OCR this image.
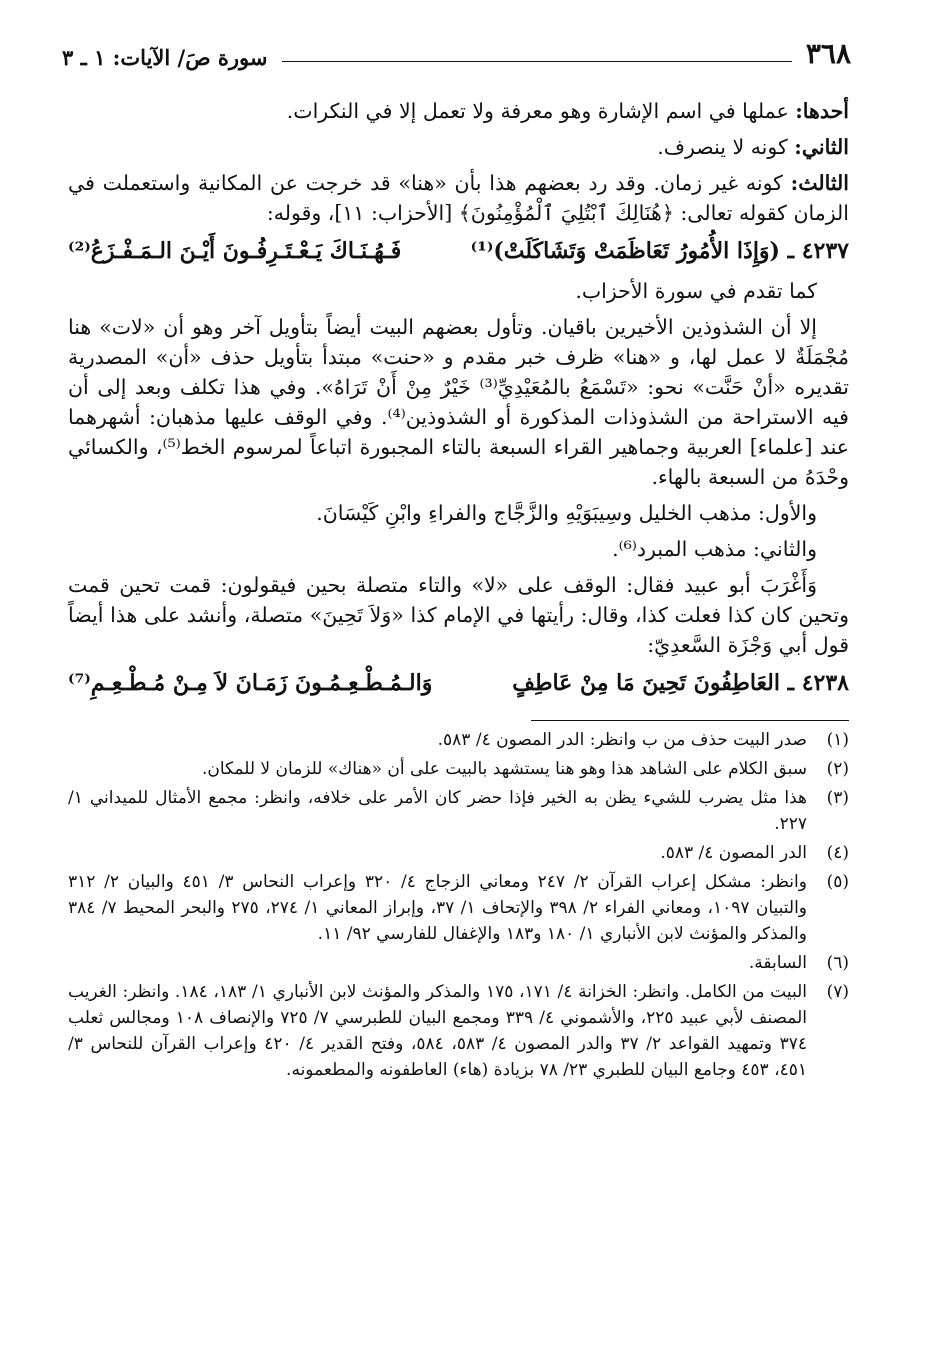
٣٦٨
سورة صَ/ الآيات: ١ ـ ٣

أحدها: عملها في اسم الإشارة وهو معرفة ولا تعمل إلا في النكرات.

الثاني: كونه لا ينصرف.

الثالث: كونه غير زمان. وقد رد بعضهم هذا بأن «هنا» قد خرجت عن المكانية واستعملت في الزمان كقوله تعالى: ﴿هُنَالِكَ ٱبْتُلِيَ ٱلْمُؤْمِنُونَ﴾ [الأحزاب: ١١]، وقوله:

٤٢٣٧ ـ (وَإِذَا الأُمُورُ تَعَاظَمَتْ وَتَشَاكَلَتْ)⁽¹⁾
فَـهُـنَـاكَ يَـعْـتَـرِفُـونَ أَيْـنَ الـمَـفْـزَعُ⁽²⁾

كما تقدم في سورة الأحزاب.

إلا أن الشذوذين الأخيرين باقيان. وتأول بعضهم البيت أيضاً بتأويل آخر وهو أن «لات» هنا مُجْمَلَةٌ لا عمل لها، و «هنا» ظرف خبر مقدم و «حنت» مبتدأ بتأويل حذف «أن» المصدرية تقديره «أنْ حَنَّت» نحو: «تَسْمَعُ بالمُعَيْدِيِّ⁽³⁾ خَيْرٌ مِنْ أَنْ تَرَاهُ». وفي هذا تكلف وبعد إلى أن فيه الاستراحة من الشذوذات المذكورة أو الشذوذين⁽⁴⁾. وفي الوقف عليها مذهبان: أشهرهما عند [علماء] العربية وجماهير القراء السبعة بالتاء المجبورة اتباعاً لمرسوم الخط⁽⁵⁾، والكسائي وحْدَهُ من السبعة بالهاء.

والأول: مذهب الخليل وسِيبَوَيْهِ والزَّجَّاج والفراءِ وابْنِ كَيْسَانَ.

والثاني: مذهب المبرد⁽⁶⁾.

وَأَغْرَبَ أبو عبيد فقال: الوقف على «لا» والتاء متصلة بحين فيقولون: قمت تحين قمت وتحين كان كذا فعلت كذا، وقال: رأيتها في الإمام كذا «وَلاَ تَحِينَ» متصلة، وأنشد على هذا أيضاً قول أبي وَجْزَة السَّعدِيّ:

٤٢٣٨ ـ العَاطِفُونَ تَحِينَ مَا مِنْ عَاطِفٍ
وَالـمُـطْـعِـمُـونَ زَمَـانَ لاَ مِـنْ مُـطْـعِـمِ⁽⁷⁾
(١)
صدر البيت حذف من ب وانظر: الدر المصون ٤/ ٥٨٣.
(٢)
سبق الكلام على الشاهد هذا وهو هنا يستشهد بالبيت على أن «هناك» للزمان لا للمكان.
(٣)
هذا مثل يضرب للشيء يظن به الخير فإذا حضر كان الأمر على خلافه، وانظر: مجمع الأمثال للميداني ١/ ٢٢٧.
(٤)
الدر المصون ٤/ ٥٨٣.
(٥)
وانظر: مشكل إعراب القرآن ٢/ ٢٤٧ ومعاني الزجاج ٤/ ٣٢٠ وإعراب النحاس ٣/ ٤٥١ والبيان ٢/ ٣١٢ والتبيان ١٠٩٧، ومعاني الفراء ٢/ ٣٩٨ والإتحاف ١/ ٣٧، وإبراز المعاني ١/ ٢٧٤، ٢٧٥ والبحر المحيط ٧/ ٣٨٤ والمذكر والمؤنث لابن الأنباري ١/ ١٨٠ و١٨٣ والإغفال للفارسي ٩٢/ ١١.
(٦)
السابقة.
(٧)
البيت من الكامل. وانظر: الخزانة ٤/ ١٧١، ١٧٥ والمذكر والمؤنث لابن الأنباري ١/ ١٨٣، ١٨٤. وانظر: الغريب المصنف لأبي عبيد ٢٢٥، والأشموني ٤/ ٣٣٩ ومجمع البيان للطبرسي ٧/ ٧٢٥ والإنصاف ١٠٨ ومجالس ثعلب ٣٧٤ وتمهيد القواعد ٢/ ٣٧ والدر المصون ٤/ ٥٨٣، ٥٨٤، وفتح القدير ٤/ ٤٢٠ وإعراب القرآن للنحاس ٣/ ٤٥١، ٤٥٣ وجامع البيان للطبري ٢٣/ ٧٨ بزيادة (هاء) العاطفونه والمطعمونه.
